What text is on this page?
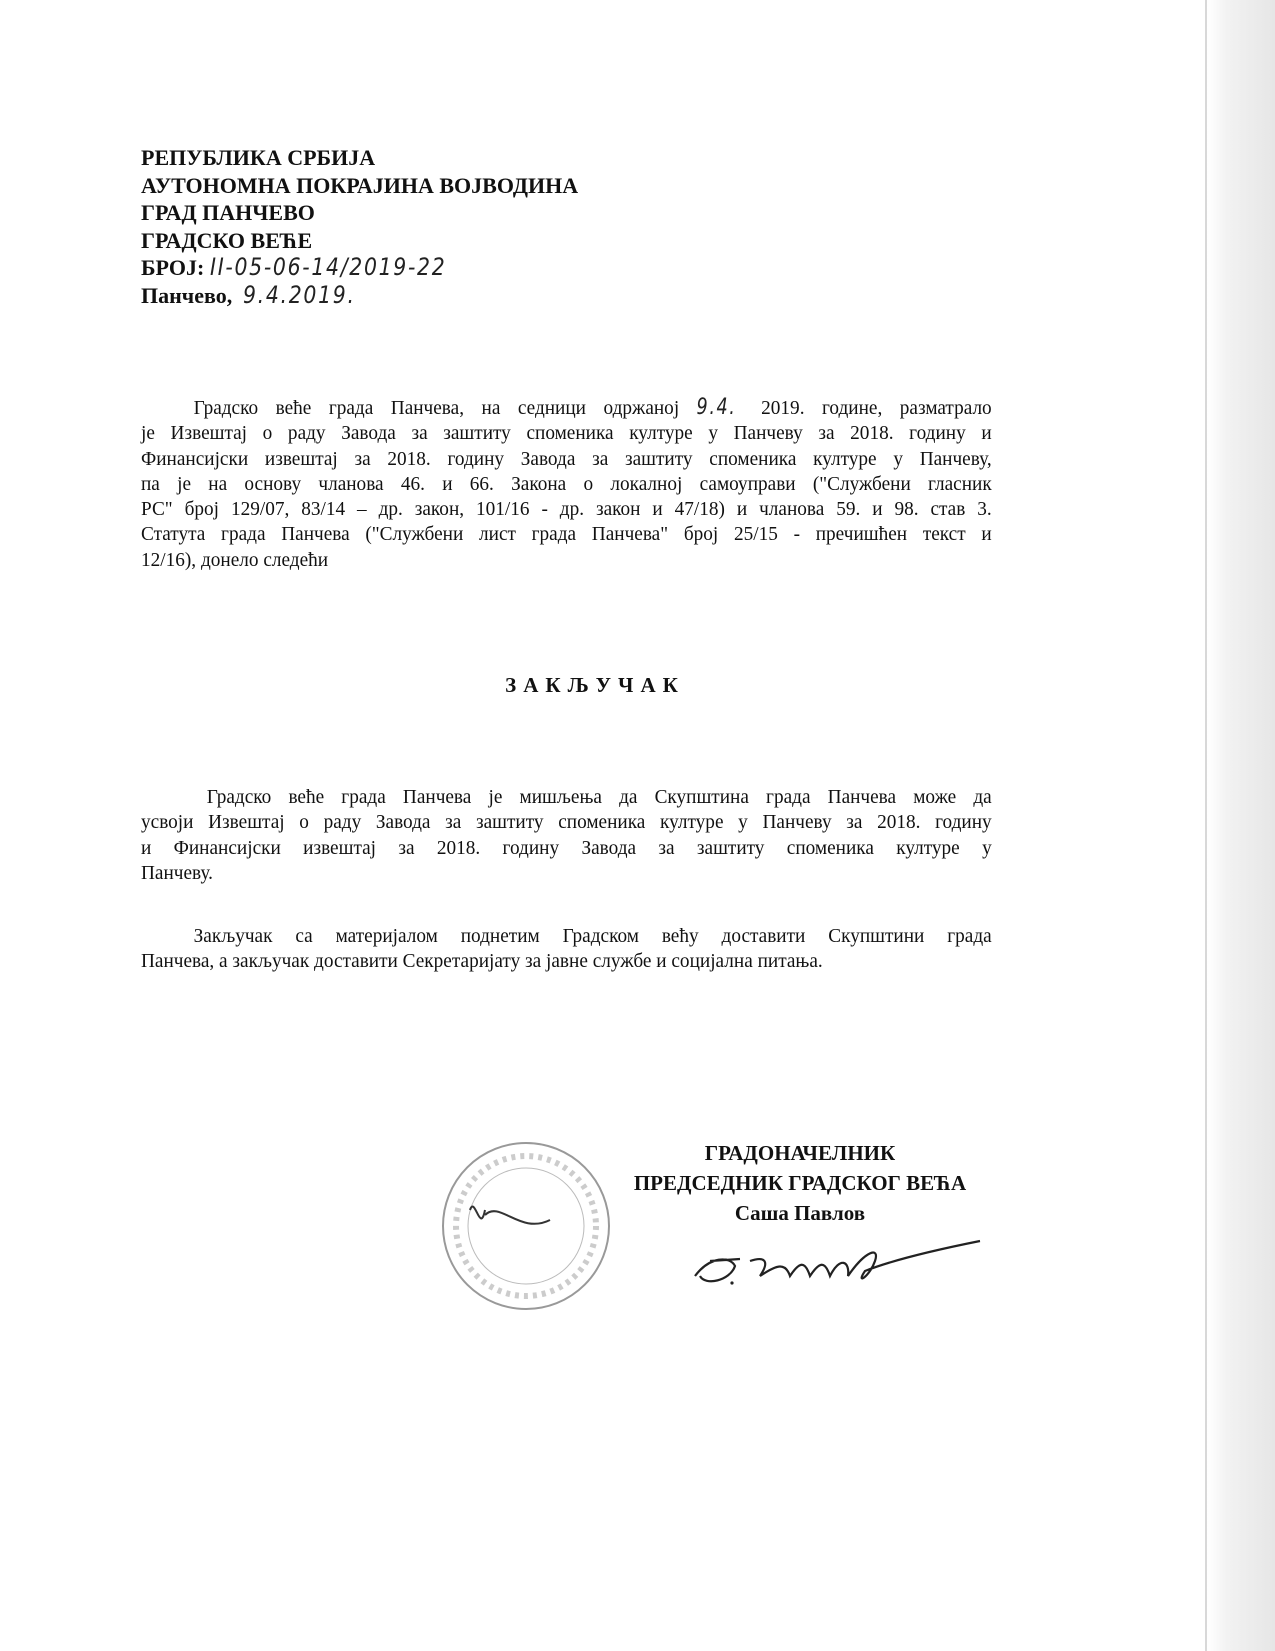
РЕПУБЛИКА СРБИЈА
АУТОНОМНА ПОКРАЈИНА ВОЈВОДИНА
ГРАД ПАНЧЕВО
ГРАДСКО ВЕЋЕ
БРОЈ: II-05-06-14/2019-22
Панчево, 9.4.2019.
Градско веће града Панчева, на седници одржаној 9.4. 2019. године, разматрало
је Извештај о раду Завода за заштиту споменика културе у Панчеву за 2018. годину и
Финансијски извештај за 2018. годину Завода за заштиту споменика културе у Панчеву,
па је на основу чланова 46. и 66. Закона о локалној самоуправи ("Службени гласник
РС" број 129/07, 83/14 – др. закон, 101/16 - др. закон и 47/18) и чланова 59. и 98. став 3.
Статута града Панчева ("Службени лист града Панчева" број 25/15 - пречишћен текст и
12/16), донело следећи
ЗАКЉУЧАК
Градско веће града Панчева је мишљења да Скупштина града Панчева може да
усвоји Извештај о раду Завода за заштиту споменика културе у Панчеву за 2018. годину
и Финансијски извештај за 2018. годину Завода за заштиту споменика културе у
Панчеву.
Закључак са материјалом поднетим Градском већу доставити Скупштини града
Панчева, а закључак доставити Секретаријату за јавне службе и социјална питања.
ГРАДОНАЧЕЛНИК
ПРЕДСЕДНИК ГРАДСКОГ ВЕЋА
Саша Павлов
